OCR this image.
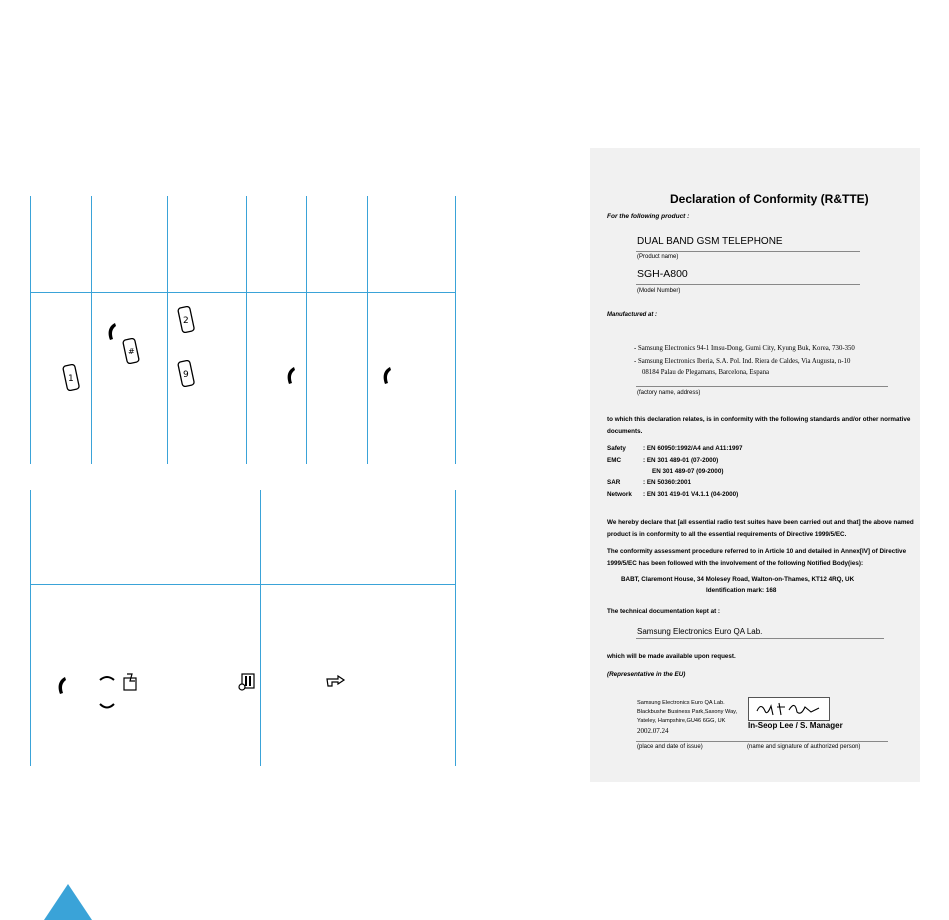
#
1
2
9
Declaration of Conformity (R&TTE)
For the following product :
DUAL BAND GSM TELEPHONE
(Product name)
SGH-A800
(Model Number)
Manufactured at :
- Samsung Electronics 94-1 Imsu-Dong, Gumi City, Kyung Buk, Korea, 730-350
- Samsung Electronics Iberia, S.A. Pol. Ind. Riera de Caldes, Via Augusta, n-10
08184 Palau de Plegamans, Barcelona, Espana
(factory name, address)
to which this declaration relates, is in conformity with the following standards and/or other normative
documents.
Safety	: EN 60950:1992/A4 and A11:1997
EMC	: EN 301 489-01 (07-2000)
EN 301 489-07 (09-2000)
SAR	: EN 50360:2001
Network : EN 301 419-01 V4.1.1 (04-2000)
We hereby declare that [all essential radio test suites have been carried out and that] the above named
product is in conformity to all the essential requirements of Directive 1999/5/EC.
The conformity assessment procedure referred to in Article 10 and detailed in Annex[IV] of Directive
1999/5/EC has been followed with the involvement of the following Notified Body(ies):
BABT, Claremont House, 34 Molesey Road, Walton-on-Thames, KT12 4RQ, UK
Identification mark: 168
The technical documentation kept at :
Samsung Electronics Euro QA Lab.
which will be made available upon request.
(Representative in the EU)
Samsung Electronics Euro QA Lab.
Blackbushe Business Park,Saxony Way,
Yateley, Hampshire,GU46 6GG, UK
2002.07.24
In-Seop Lee / S. Manager
(place and date of issue)	(name and signature of authorized person)
